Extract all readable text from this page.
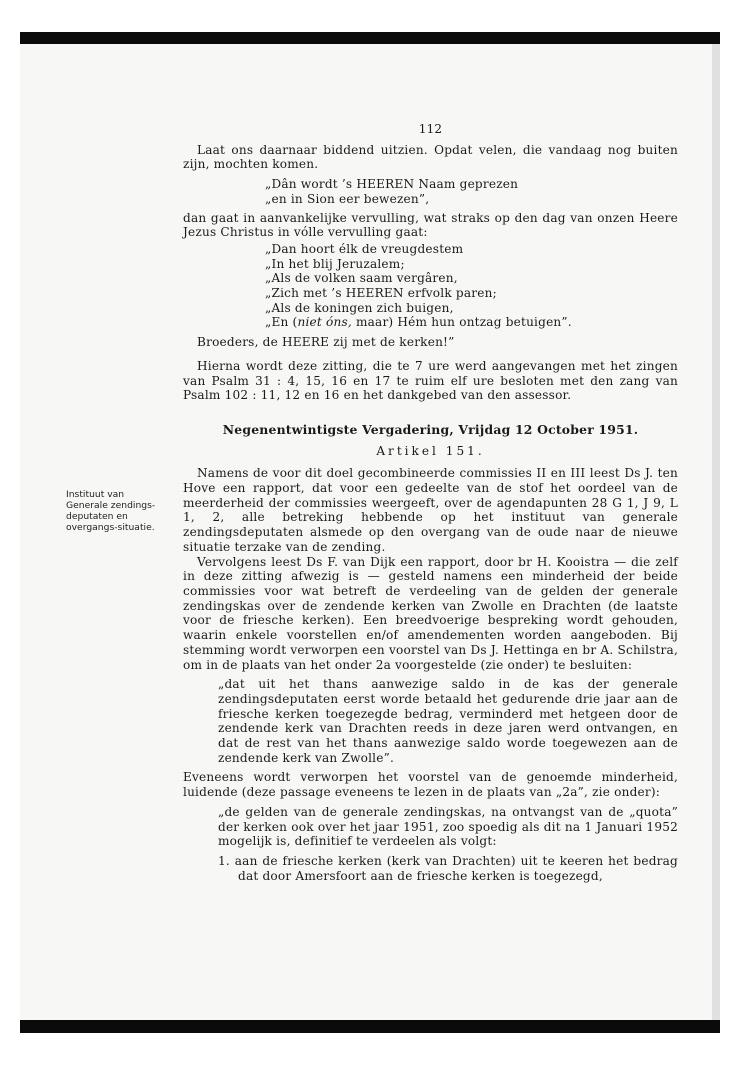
Instituut van
Generale zendings-
deputaten en
overgangs-situatie.
112

Laat ons daarnaar biddend uitzien. Opdat velen, die vandaag nog buiten zijn, mochten komen.

„Dân wordt ’s HEEREN Naam geprezen
„en in Sion eer bewezen”,

dan gaat in aanvankelijke vervulling, wat straks op den dag van onzen Heere Jezus Christus in vólle vervulling gaat:

„Dan hoort élk de vreugdestem
„In het blij Jeruzalem;
„Als de volken saam vergâren,
„Zich met ’s HEEREN erfvolk paren;
„Als de koningen zich buigen,
„En (niet óns, maar) Hém hun ontzag betuigen”.

Broeders, de HEERE zij met de kerken!”

Hierna wordt deze zitting, die te 7 ure werd aangevangen met het zingen van Psalm 31 : 4, 15, 16 en 17 te ruim elf ure besloten met den zang van Psalm 102 : 11, 12 en 16 en het dankgebed van den assessor.

Negenentwintigste Vergadering, Vrijdag 12 October 1951.
Artikel 151.

Namens de voor dit doel gecombineerde commissies II en III leest Ds J. ten Hove een rapport, dat voor een gedeelte van de stof het oordeel van de meerderheid der commissies weergeeft, over de agendapunten 28 G 1, J 9, L 1, 2, alle betreking hebbende op het instituut van generale zendingsdeputaten alsmede op den overgang van de oude naar de nieuwe situatie terzake van de zending.

Vervolgens leest Ds F. van Dijk een rapport, door br H. Kooistra — die zelf in deze zitting afwezig is — gesteld namens een minderheid der beide commissies voor wat betreft de verdeeling van de gelden der generale zendingskas over de zendende kerken van Zwolle en Drachten (de laatste voor de friesche kerken). Een breedvoerige bespreking wordt gehouden, waarin enkele voorstellen en/of amendementen worden aangeboden. Bij stemming wordt verworpen een voorstel van Ds J. Hettinga en br A. Schilstra, om in de plaats van het onder 2a voorgestelde (zie onder) te besluiten:

„dat uit het thans aanwezige saldo in de kas der generale zendingsdeputaten eerst worde betaald het gedurende drie jaar aan de friesche kerken toegezegde bedrag, verminderd met hetgeen door de zendende kerk van Drachten reeds in deze jaren werd ontvangen, en dat de rest van het thans aanwezige saldo worde toegewezen aan de zendende kerk van Zwolle”.

Eveneens wordt verworpen het voorstel van de genoemde minderheid, luidende (deze passage eveneens te lezen in de plaats van „2a”, zie onder):

„de gelden van de generale zendingskas, na ontvangst van de „quota” der kerken ook over het jaar 1951, zoo spoedig als dit na 1 Januari 1952 mogelijk is, definitief te verdeelen als volgt:
1. aan de friesche kerken (kerk van Drachten) uit te keeren het bedrag dat door Amersfoort aan de friesche kerken is toegezegd,
